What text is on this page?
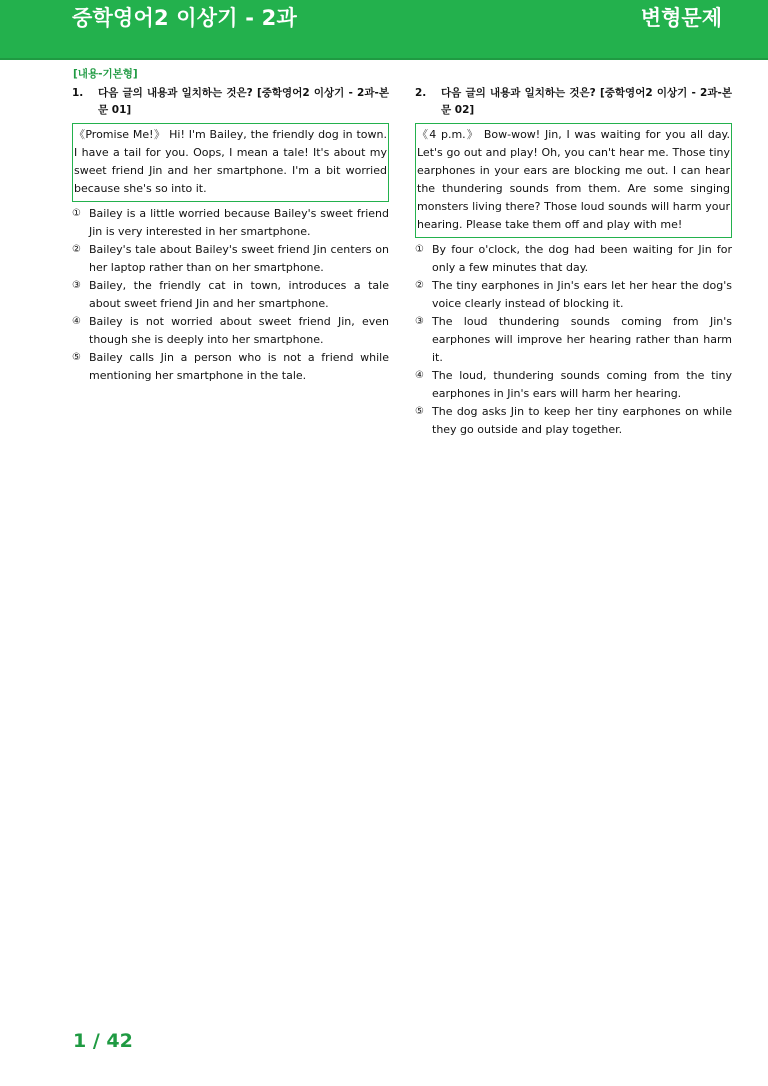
중학영어2 이상기 - 2과	변형문제
[내용-기본형]
1.	다음 글의 내용과 일치하는 것은? [중학영어2 이상기 - 2과-본문 01]
《Promise Me!》 Hi! I'm Bailey, the friendly dog in town. I have a tail for you. Oops, I mean a tale! It's about my sweet friend Jin and her smartphone. I'm a bit worried because she's so into it.
① Bailey is a little worried because Bailey's sweet friend Jin is very interested in her smartphone.
② Bailey's tale about Bailey's sweet friend Jin centers on her laptop rather than on her smartphone.
③ Bailey, the friendly cat in town, introduces a tale about sweet friend Jin and her smartphone.
④ Bailey is not worried about sweet friend Jin, even though she is deeply into her smartphone.
⑤ Bailey calls Jin a person who is not a friend while mentioning her smartphone in the tale.
2.	다음 글의 내용과 일치하는 것은? [중학영어2 이상기 - 2과-본문 02]
《4 p.m.》 Bow-wow! Jin, I was waiting for you all day. Let's go out and play! Oh, you can't hear me. Those tiny earphones in your ears are blocking me out. I can hear the thundering sounds from them. Are some singing monsters living there? Those loud sounds will harm your hearing. Please take them off and play with me!
① By four o'clock, the dog had been waiting for Jin for only a few minutes that day.
② The tiny earphones in Jin's ears let her hear the dog's voice clearly instead of blocking it.
③ The loud thundering sounds coming from Jin's earphones will improve her hearing rather than harm it.
④ The loud, thundering sounds coming from the tiny earphones in Jin's ears will harm her hearing.
⑤ The dog asks Jin to keep her tiny earphones on while they go outside and play together.
1 / 42
